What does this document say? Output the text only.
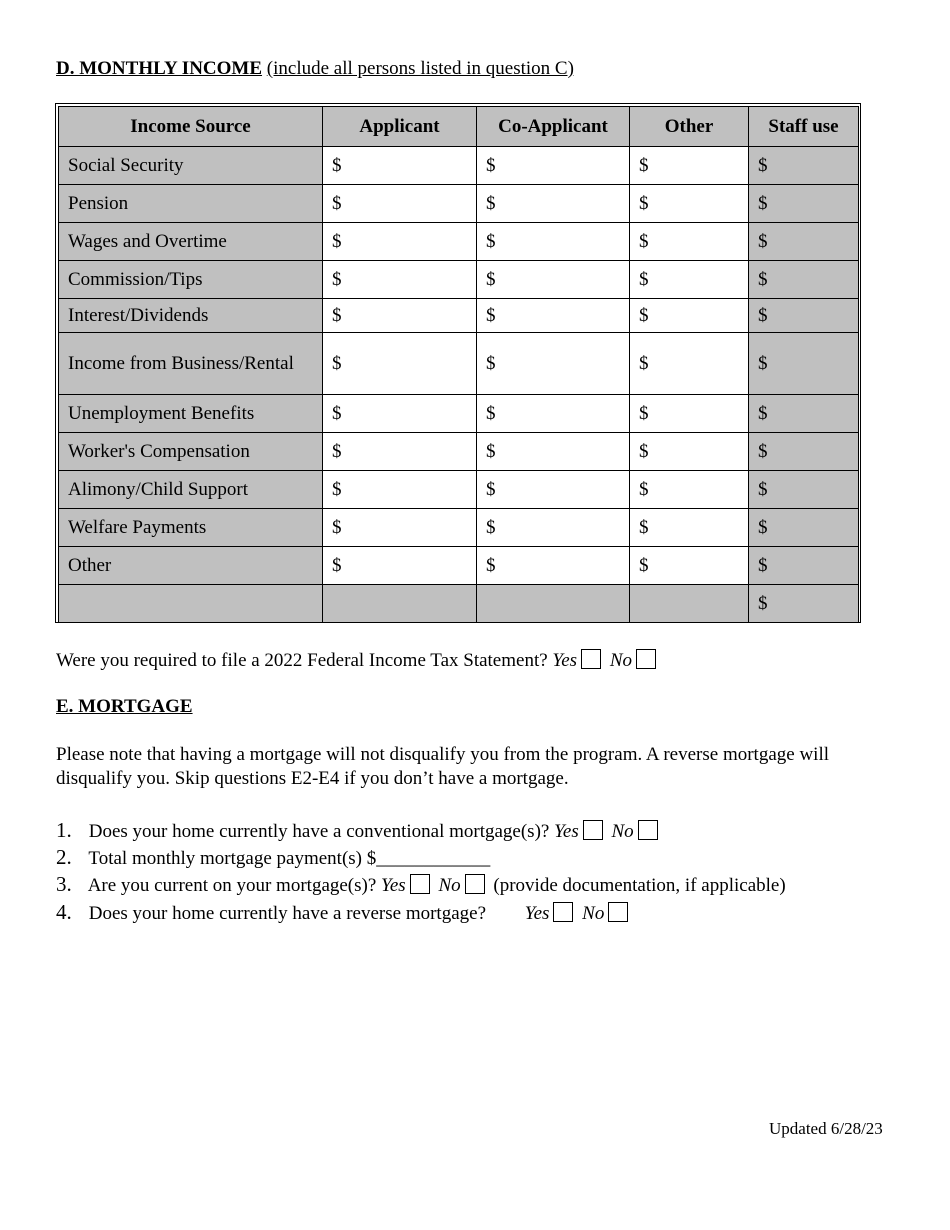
D. MONTHLY INCOME (include all persons listed in question C)
Income Source	Applicant	Co-Applicant	Other	Staff use
Social Security	$	$	$	$
Pension	$	$	$	$
Wages and Overtime	$	$	$	$
Commission/Tips	$	$	$	$
Interest/Dividends	$	$	$	$
Income from Business/Rental	$	$	$	$
Unemployment Benefits	$	$	$	$
Worker's Compensation	$	$	$	$
Alimony/Child Support	$	$	$	$
Welfare Payments	$	$	$	$
Other	$	$	$	$
				$
Were you required to file a 2022 Federal Income Tax Statement? Yes No
E. MORTGAGE
Please note that having a mortgage will not disqualify you from the program. A reverse mortgage will disqualify you. Skip questions E2-E4 if you don’t have a mortgage.
1. Does your home currently have a conventional mortgage(s)? Yes No
2. Total monthly mortgage payment(s) $____________
3. Are you current on your mortgage(s)? Yes No (provide documentation, if applicable)
4. Does your home currently have a reverse mortgage? Yes No
Updated 6/28/23
